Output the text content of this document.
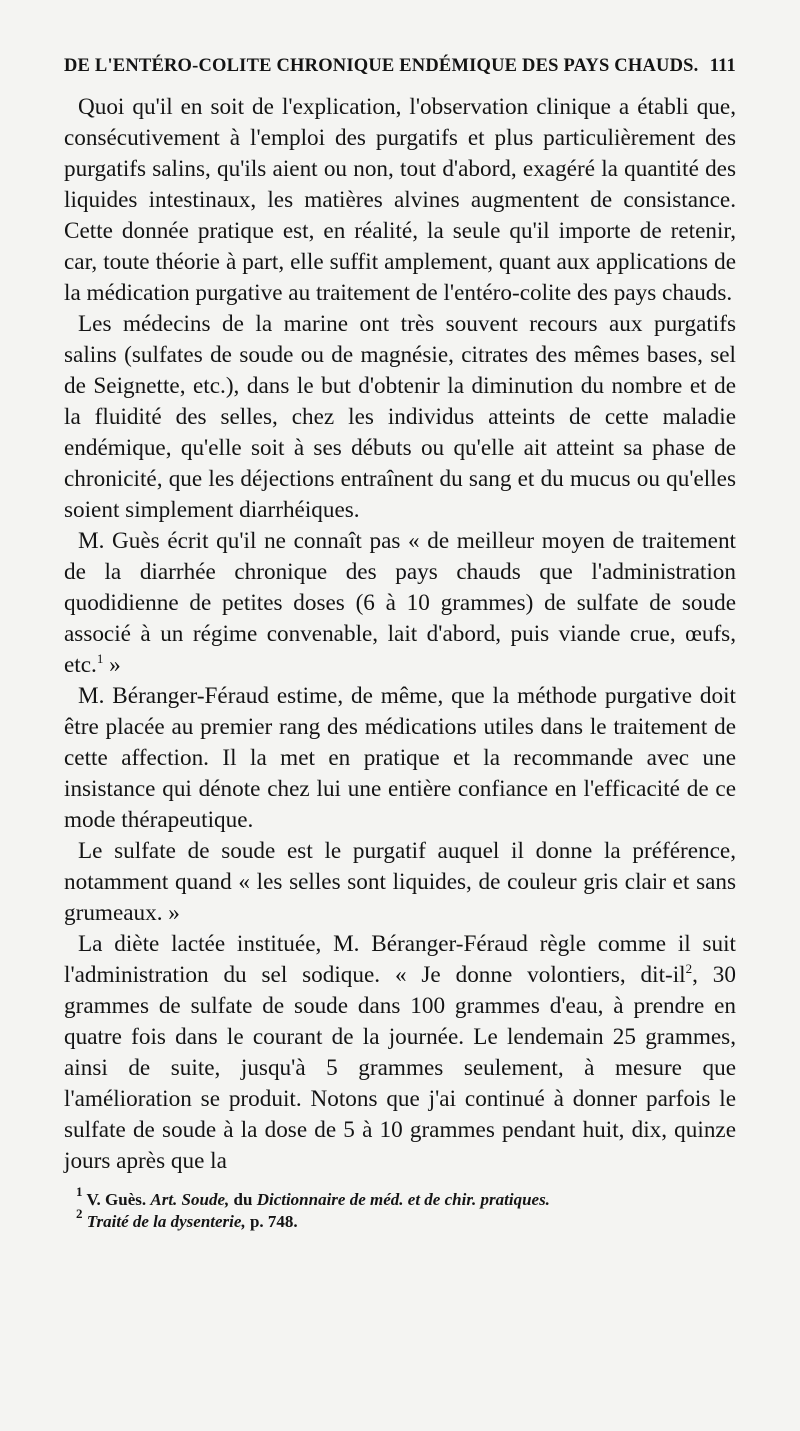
DE L'ENTÉRO-COLITE CHRONIQUE ENDÉMIQUE DES PAYS CHAUDS. 111

Quoi qu'il en soit de l'explication, l'observation clinique a établi que, consécutivement à l'emploi des purgatifs et plus particulièrement des purgatifs salins, qu'ils aient ou non, tout d'abord, exagéré la quantité des liquides intestinaux, les matières alvines augmentent de consistance. Cette donnée pratique est, en réalité, la seule qu'il importe de retenir, car, toute théorie à part, elle suffit amplement, quant aux applications de la médication purgative au traitement de l'entéro-colite des pays chauds.

Les médecins de la marine ont très souvent recours aux purgatifs salins (sulfates de soude ou de magnésie, citrates des mêmes bases, sel de Seignette, etc.), dans le but d'obtenir la diminution du nombre et de la fluidité des selles, chez les individus atteints de cette maladie endémique, qu'elle soit à ses débuts ou qu'elle ait atteint sa phase de chronicité, que les déjections entraînent du sang et du mucus ou qu'elles soient simplement diarrhéiques.

M. Guès écrit qu'il ne connaît pas « de meilleur moyen de traitement de la diarrhée chronique des pays chauds que l'administration quodidienne de petites doses (6 à 10 grammes) de sulfate de soude associé à un régime convenable, lait d'abord, puis viande crue, œufs, etc.$^1$ »

M. Béranger-Féraud estime, de même, que la méthode purgative doit être placée au premier rang des médications utiles dans le traitement de cette affection. Il la met en pratique et la recommande avec une insistance qui dénote chez lui une entière confiance en l'efficacité de ce mode thérapeutique.

Le sulfate de soude est le purgatif auquel il donne la préférence, notamment quand « les selles sont liquides, de couleur gris clair et sans grumeaux. »

La diète lactée instituée, M. Béranger-Féraud règle comme il suit l'administration du sel sodique. « Je donne volontiers, dit-$il^2$, 30 grammes de sulfate de soude dans 100 grammes d'eau, à prendre en quatre fois dans le courant de la journée. Le lendemain 25 grammes, ainsi de suite, jusqu'à 5 grammes seulement, à mesure que l'amélioration se produit. Notons que j'ai continué à donner parfois le sulfate de soude à la dose de 5 à 10 grammes pendant huit, dix, quinze jours après que la

$^1$ V. Guès. Art. Soude, du Dictionnaire de méd. et de chir. pratiques.
$^2$ Traité de la dysenterie, p. 748.
